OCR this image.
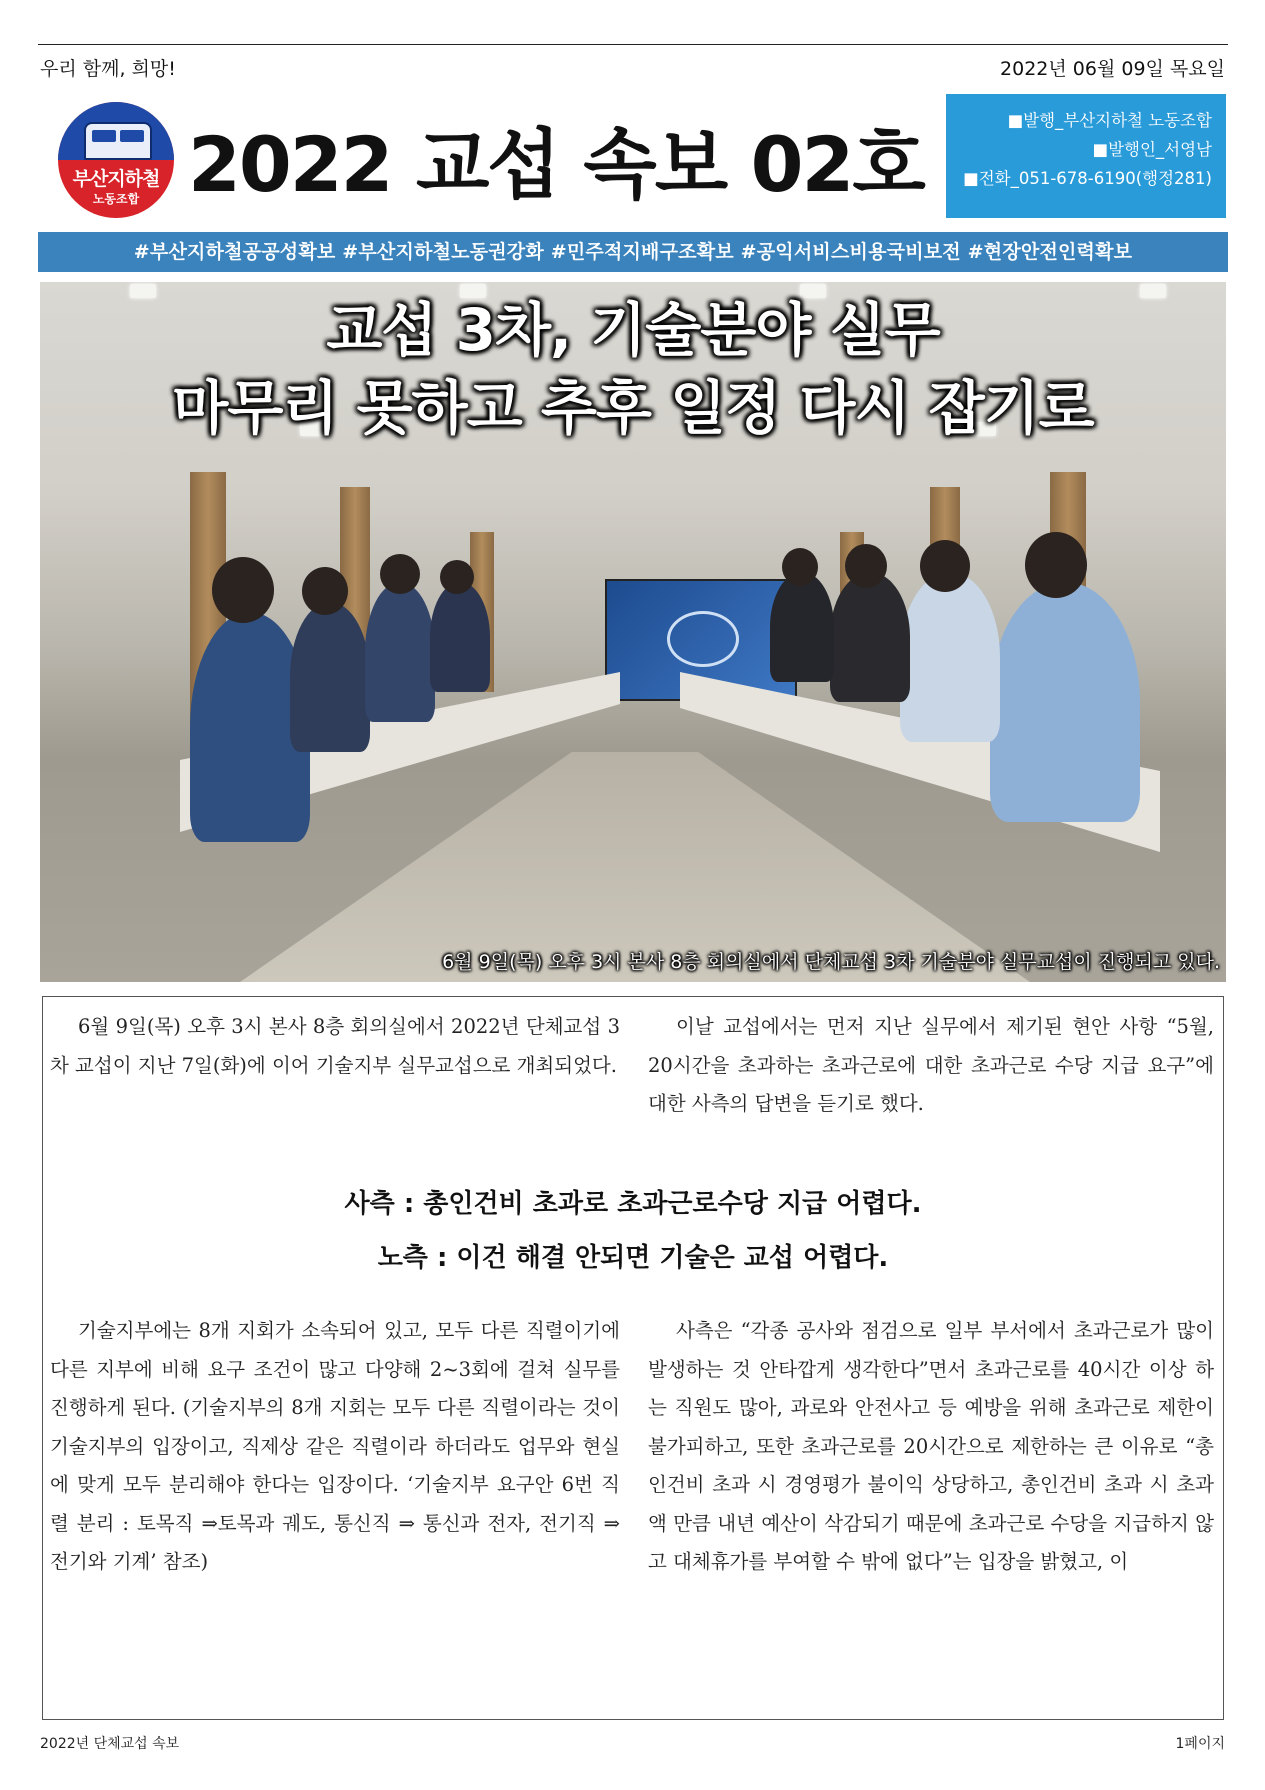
우리 함께, 희망!	2022년 06월 09일 목요일
부산지하철
노동조합 2022 교섭 속보 02호	■발행_부산지하철 노동조합
■발행인_서영남
■전화_051-678-6190(행정281)
#부산지하철공공성확보 #부산지하철노동권강화 #민주적지배구조확보 #공익서비스비용국비보전 #현장안전인력확보
교섭 3차, 기술분야 실무
마무리 못하고 추후 일정 다시 잡기로
6월 9일(목) 오후 3시 본사 8층 회의실에서 단체교섭 3차 기술분야 실무교섭이 진행되고 있다.
6월 9일(목) 오후 3시 본사 8층 회의실에서 2022년 단체교섭 3차 교섭이 지난 7일(화)에 이어 기술지부 실무교섭으로 개최되었다.
이날 교섭에서는 먼저 지난 실무에서 제기된 현안 사항 “5월, 20시간을 초과하는 초과근로에 대한 초과근로 수당 지급 요구”에 대한 사측의 답변을 듣기로 했다.
사측 : 총인건비 초과로 초과근로수당 지급 어렵다.
노측 : 이건 해결 안되면 기술은 교섭 어렵다.
기술지부에는 8개 지회가 소속되어 있고, 모두 다른 직렬이기에 다른 지부에 비해 요구 조건이 많고 다양해 2~3회에 걸쳐 실무를 진행하게 된다. (기술지부의 8개 지회는 모두 다른 직렬이라는 것이 기술지부의 입장이고, 직제상 같은 직렬이라 하더라도 업무와 현실에 맞게 모두 분리해야 한다는 입장이다. ‘기술지부 요구안 6번 직렬 분리 : 토목직 ⇒토목과 궤도, 통신직 ⇒ 통신과 전자, 전기직 ⇒ 전기와 기계’ 참조)
사측은 “각종 공사와 점검으로 일부 부서에서 초과근로가 많이 발생하는 것 안타깝게 생각한다”면서 초과근로를 40시간 이상 하는 직원도 많아, 과로와 안전사고 등 예방을 위해 초과근로 제한이 불가피하고, 또한 초과근로를 20시간으로 제한하는 큰 이유로 “총인건비 초과 시 경영평가 불이익 상당하고, 총인건비 초과 시 초과액 만큼 내년 예산이 삭감되기 때문에 초과근로 수당을 지급하지 않고 대체휴가를 부여할 수 밖에 없다”는 입장을 밝혔고, 이
2022년 단체교섭 속보	1페이지
